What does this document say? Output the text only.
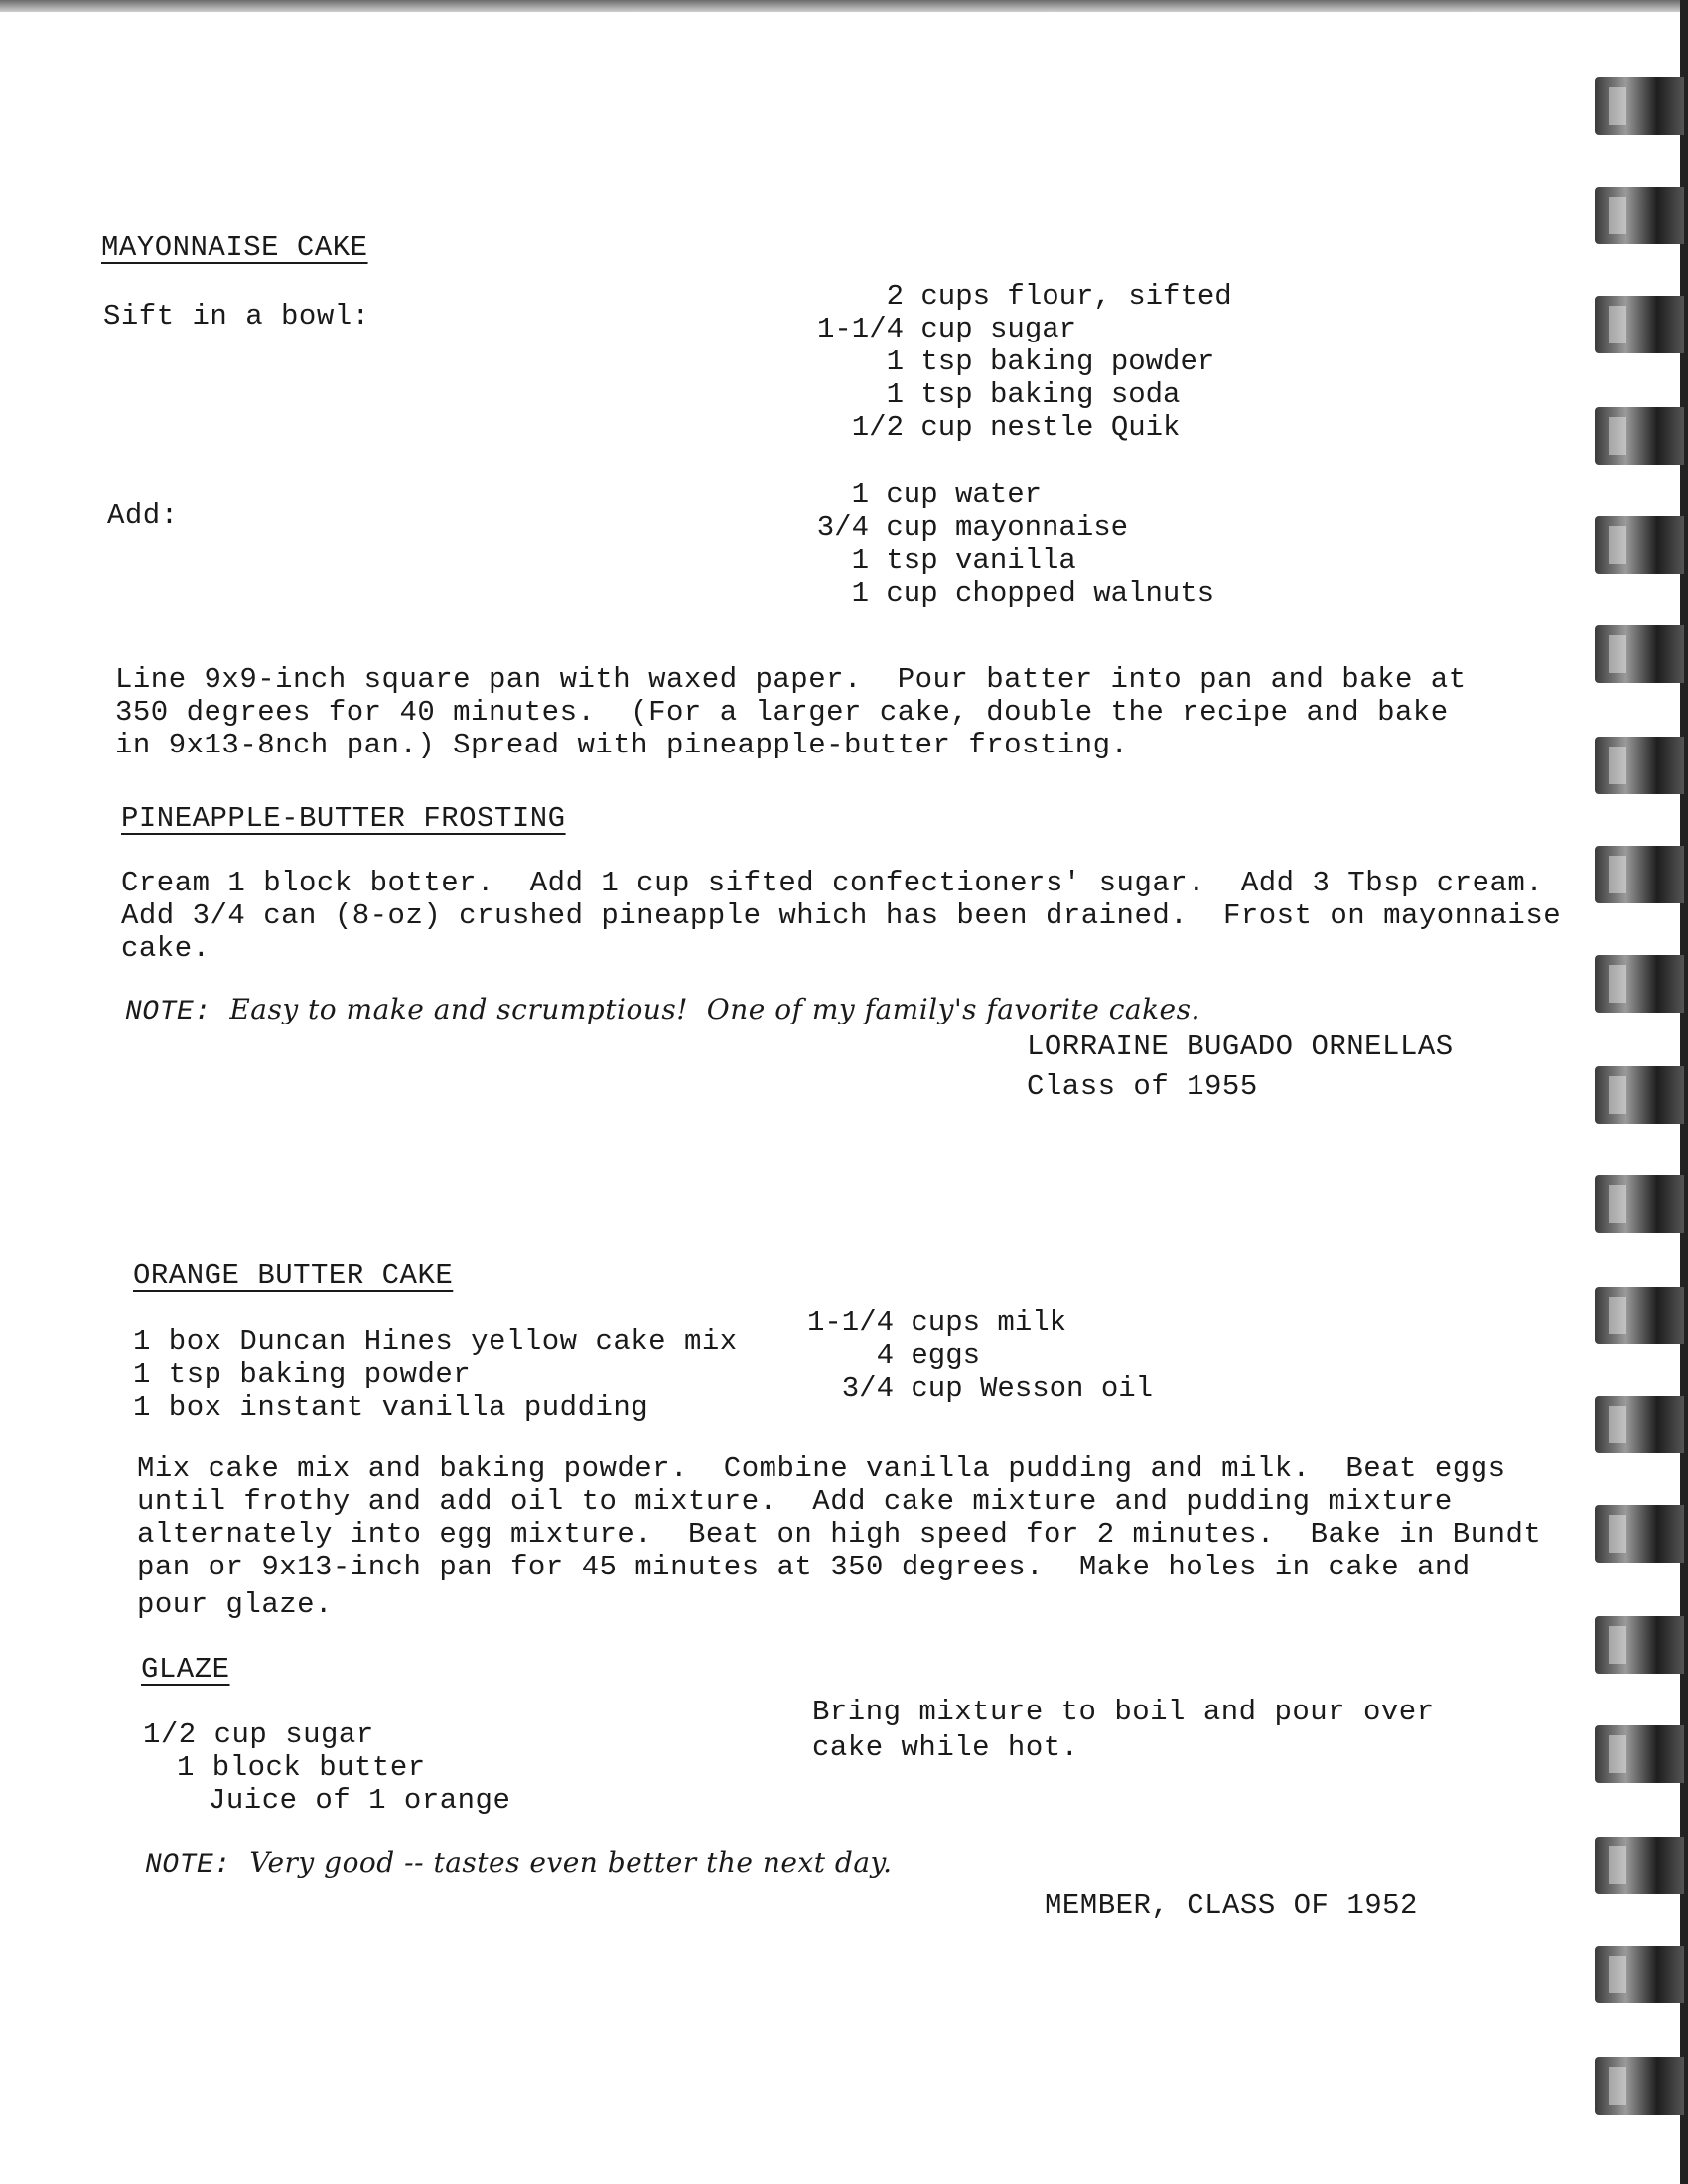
MAYONNAISE CAKE
Sift in a bowl:
2 cups flour, sifted
1-1/4 cup sugar
1 tsp baking powder
1 tsp baking soda
1/2 cup nestle Quik
Add:
1 cup water
3/4 cup mayonnaise
1 tsp vanilla
1 cup chopped walnuts
Line 9x9-inch square pan with waxed paper.  Pour batter into pan and bake at
350 degrees for 40 minutes.  (For a larger cake, double the recipe and bake
in 9x13-8nch pan.) Spread with pineapple-butter frosting.
PINEAPPLE-BUTTER FROSTING
Cream 1 block botter.  Add 1 cup sifted confectioners' sugar.  Add 3 Tbsp cream.
Add 3/4 can (8-oz) crushed pineapple which has been drained.  Frost on mayonnaise
cake.
NOTE: Easy to make and scrumptious!  One of my family's favorite cakes.
LORRAINE BUGADO ORNELLAS
Class of 1955
ORANGE BUTTER CAKE
1 box Duncan Hines yellow cake mix
1 tsp baking powder
1 box instant vanilla pudding
1-1/4 cups milk
4 eggs
3/4 cup Wesson oil
Mix cake mix and baking powder.  Combine vanilla pudding and milk.  Beat eggs
until frothy and add oil to mixture.  Add cake mixture and pudding mixture
alternately into egg mixture.  Beat on high speed for 2 minutes.  Bake in Bundt
pan or 9x13-inch pan for 45 minutes at 350 degrees.  Make holes in cake and
pour glaze.
GLAZE
1/2 cup sugar
1 block butter
Juice of 1 orange
Bring mixture to boil and pour over
cake while hot.
NOTE: Very good -- tastes even better the next day.
MEMBER, CLASS OF 1952
